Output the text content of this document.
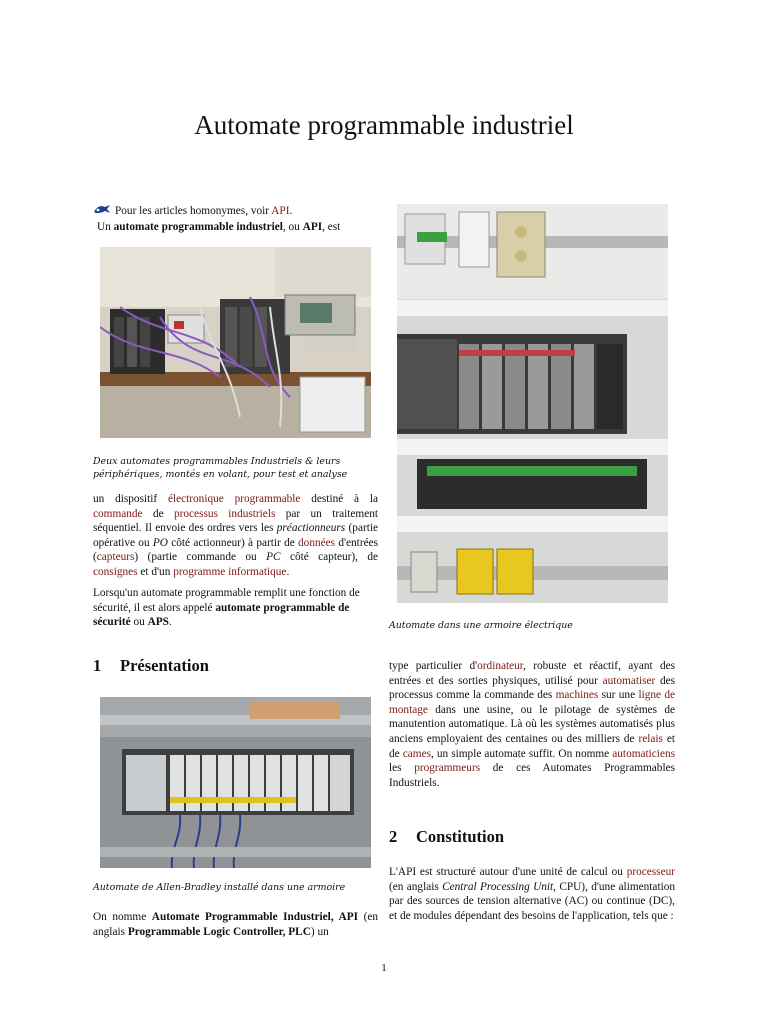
Automate programmable industriel

Pour les articles homonymes, voir API.

Un automate programmable industriel, ou API, est

Deux automates programmables Industriels & leurs périphériques, montés en volant, pour test et analyse

un dispositif électronique programmable destiné à la commande de processus industriels par un traitement séquentiel. Il envoie des ordres vers les préactionneurs (partie opérative ou PO côté actionneur) à partir de données d'entrées (capteurs) (partie commande ou PC côté capteur), de consignes et d'un programme informatique.

Lorsqu'un automate programmable remplit une fonction de sécurité, il est alors appelé automate programmable de sécurité ou APS.	Automate dans une armoire électrique

1 Présentation

Automate de Allen-Bradley installé dans une armoire

On nomme Automate Programmable Industriel, API (en anglais Programmable Logic Controller, PLC) un

type particulier d'ordinateur, robuste et réactif, ayant des entrées et des sorties physiques, utilisé pour automatiser des processus comme la commande des machines sur une ligne de montage dans une usine, ou le pilotage de systèmes de manutention automatique. Là où les systèmes automatisés plus anciens employaient des centaines ou des milliers de relais et de cames, un simple automate suffit. On nomme automaticiens les programmeurs de ces Automates Programmables Industriels.

2 Constitution

L'API est structuré autour d'une unité de calcul ou processeur (en anglais Central Processing Unit, CPU), d'une alimentation par des sources de tension alternative (AC) ou continue (DC), et de modules dépendant des besoins de l'application, tels que :

1
